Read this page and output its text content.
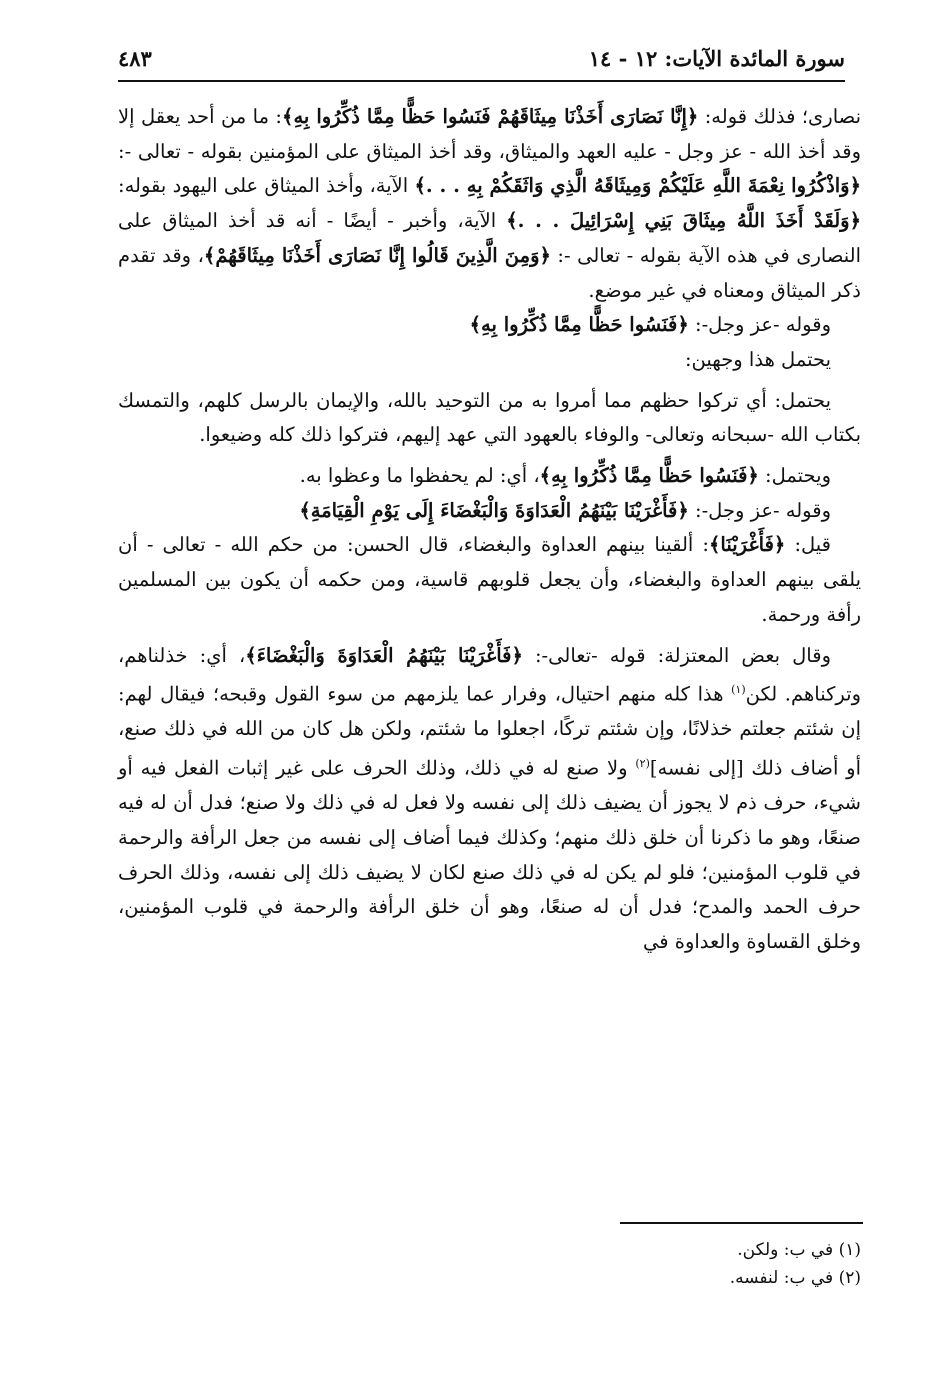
سورة المائدة الآيات: ١٢ - ١٤
٤٨٣

نصارى؛ فذلك قوله: ﴿إِنَّا نَصَارَى أَخَذْنَا مِيثَاقَهُمْ فَنَسُوا حَظًّا مِمَّا ذُكِّرُوا بِهِ﴾: ما من أحد يعقل إلا وقد أخذ الله - عز وجل - عليه العهد والميثاق، وقد أخذ الميثاق على المؤمنين بقوله - تعالى -: ﴿وَاذْكُرُوا نِعْمَةَ اللَّهِ عَلَيْكُمْ وَمِيثَاقَهُ الَّذِي وَاثَقَكُمْ بِهِ . . .﴾ الآية، وأخذ الميثاق على اليهود بقوله: ﴿وَلَقَدْ أَخَذَ اللَّهُ مِيثَاقَ بَنِي إِسْرَائِيلَ . . .﴾ الآية، وأخبر - أيضًا - أنه قد أخذ الميثاق على النصارى في هذه الآية بقوله - تعالى -: ﴿وَمِنَ الَّذِينَ قَالُوا إِنَّا نَصَارَى أَخَذْنَا مِيثَاقَهُمْ﴾، وقد تقدم ذكر الميثاق ومعناه في غير موضع.

وقوله -عز وجل-: ﴿فَنَسُوا حَظًّا مِمَّا ذُكِّرُوا بِهِ﴾

يحتمل هذا وجهين:

يحتمل: أي تركوا حظهم مما أمروا به من التوحيد بالله، والإيمان بالرسل كلهم، والتمسك بكتاب الله -سبحانه وتعالى- والوفاء بالعهود التي عهد إليهم، فتركوا ذلك كله وضيعوا.

ويحتمل: ﴿فَنَسُوا حَظًّا مِمَّا ذُكِّرُوا بِهِ﴾، أي: لم يحفظوا ما وعظوا به.

وقوله -عز وجل-: ﴿فَأَغْرَيْنَا بَيْنَهُمُ الْعَدَاوَةَ وَالْبَغْضَاءَ إِلَى يَوْمِ الْقِيَامَةِ﴾

قيل: ﴿فَأَغْرَيْنَا﴾: ألقينا بينهم العداوة والبغضاء، قال الحسن: من حكم الله - تعالى - أن يلقى بينهم العداوة والبغضاء، وأن يجعل قلوبهم قاسية، ومن حكمه أن يكون بين المسلمين رأفة ورحمة.

وقال بعض المعتزلة: قوله -تعالى-: ﴿فَأَغْرَيْنَا بَيْنَهُمُ الْعَدَاوَةَ وَالْبَغْضَاءَ﴾، أي: خذلناهم، وتركناهم. لكن$^{(١)}$ هذا كله منهم احتيال، وفرار عما يلزمهم من سوء القول وقبحه؛ فيقال لهم: إن شئتم جعلتم خذلانًا، وإن شئتم تركًا، اجعلوا ما شئتم، ولكن هل كان من الله في ذلك صنع، أو أضاف ذلك [إلى نفسه]$^{(٢)}$ ولا صنع له في ذلك، وذلك الحرف على غير إثبات الفعل فيه أو شيء، حرف ذم لا يجوز أن يضيف ذلك إلى نفسه ولا فعل له في ذلك ولا صنع؛ فدل أن له فيه صنعًا، وهو ما ذكرنا أن خلق ذلك منهم؛ وكذلك فيما أضاف إلى نفسه من جعل الرأفة والرحمة في قلوب المؤمنين؛ فلو لم يكن له في ذلك صنع لكان لا يضيف ذلك إلى نفسه، وذلك الحرف حرف الحمد والمدح؛ فدل أن له صنعًا، وهو أن خلق الرأفة والرحمة في قلوب المؤمنين، وخلق القساوة والعداوة في

(١) في ب: ولكن.

(٢) في ب: لنفسه.
